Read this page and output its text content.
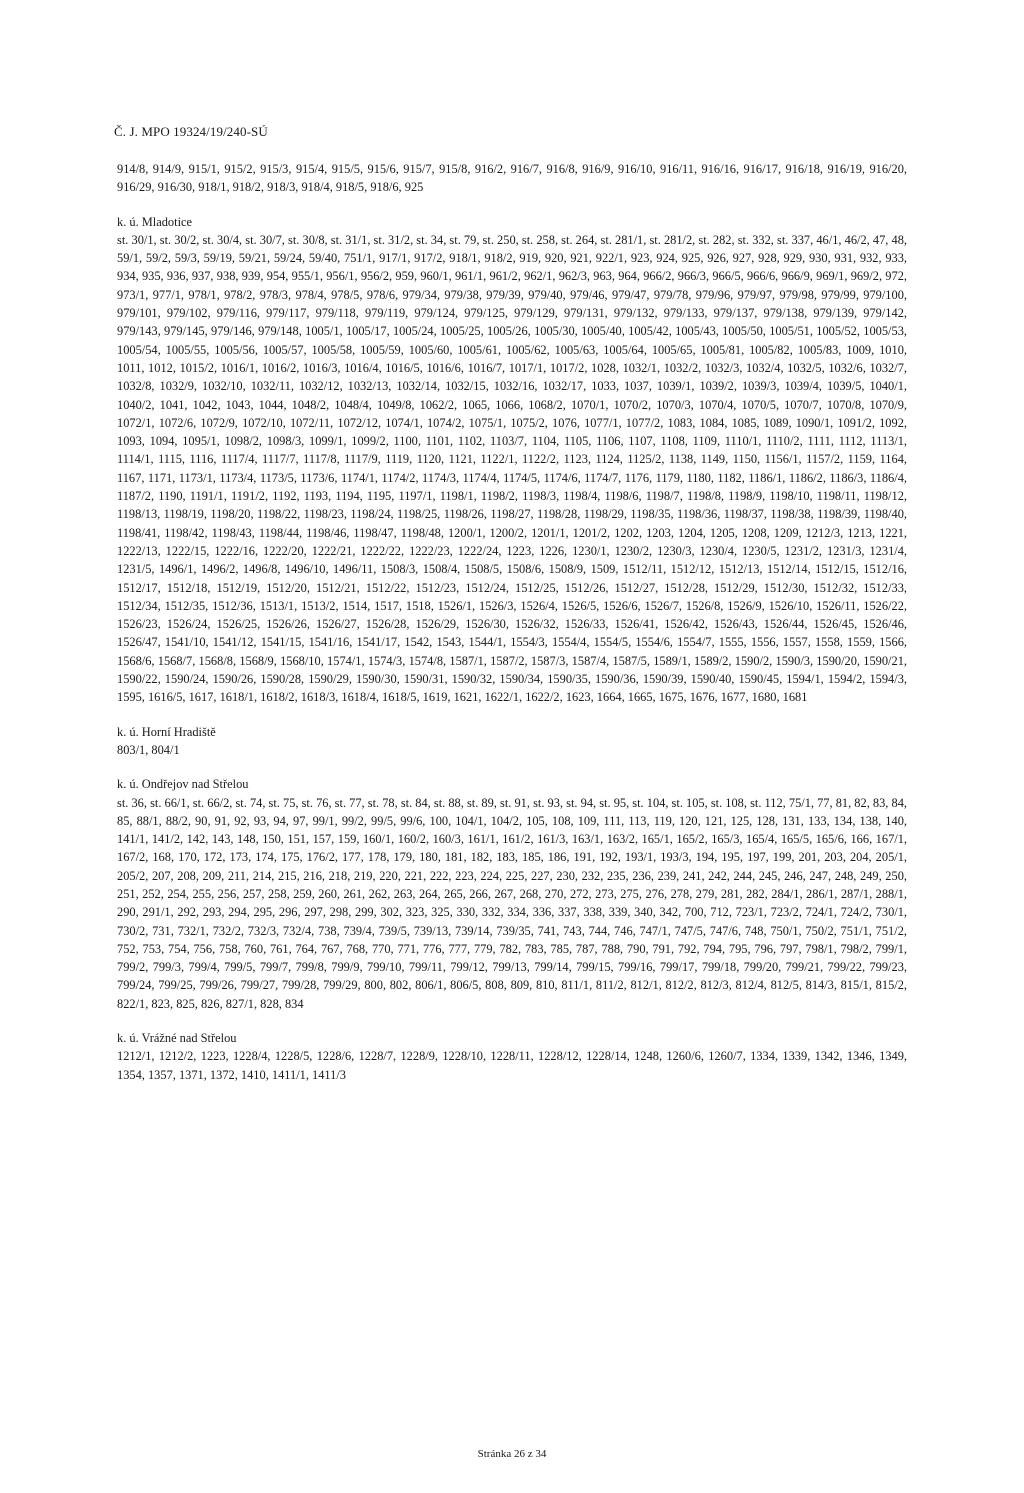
Č. J. MPO 19324/19/240-SÚ

914/8, 914/9, 915/1, 915/2, 915/3, 915/4, 915/5, 915/6, 915/7, 915/8, 916/2, 916/7, 916/8, 916/9, 916/10, 916/11, 916/16, 916/17, 916/18, 916/19, 916/20, 916/29, 916/30, 918/1, 918/2, 918/3, 918/4, 918/5, 918/6, 925

k. ú. Mladotice

st. 30/1, st. 30/2, st. 30/4, st. 30/7, st. 30/8, st. 31/1, st. 31/2, st. 34, st. 79, st. 250, st. 258, st. 264, st. 281/1, st. 281/2, st. 282, st. 332, st. 337, 46/1, 46/2, 47, 48, 59/1, 59/2, 59/3, 59/19, 59/21, 59/24, 59/40, 751/1, 917/1, 917/2, 918/1, 918/2, 919, 920, 921, 922/1, 923, 924, 925, 926, 927, 928, 929, 930, 931, 932, 933, 934, 935, 936, 937, 938, 939, 954, 955/1, 956/1, 956/2, 959, 960/1, 961/1, 961/2, 962/1, 962/3, 963, 964, 966/2, 966/3, 966/5, 966/6, 966/9, 969/1, 969/2, 972, 973/1, 977/1, 978/1, 978/2, 978/3, 978/4, 978/5, 978/6, 979/34, 979/38, 979/39, 979/40, 979/46, 979/47, 979/78, 979/96, 979/97, 979/98, 979/99, 979/100, 979/101, 979/102, 979/116, 979/117, 979/118, 979/119, 979/124, 979/125, 979/129, 979/131, 979/132, 979/133, 979/137, 979/138, 979/139, 979/142, 979/143, 979/145, 979/146, 979/148, 1005/1, 1005/17, 1005/24, 1005/25, 1005/26, 1005/30, 1005/40, 1005/42, 1005/43, 1005/50, 1005/51, 1005/52, 1005/53, 1005/54, 1005/55, 1005/56, 1005/57, 1005/58, 1005/59, 1005/60, 1005/61, 1005/62, 1005/63, 1005/64, 1005/65, 1005/81, 1005/82, 1005/83, 1009, 1010, 1011, 1012, 1015/2, 1016/1, 1016/2, 1016/3, 1016/4, 1016/5, 1016/6, 1016/7, 1017/1, 1017/2, 1028, 1032/1, 1032/2, 1032/3, 1032/4, 1032/5, 1032/6, 1032/7, 1032/8, 1032/9, 1032/10, 1032/11, 1032/12, 1032/13, 1032/14, 1032/15, 1032/16, 1032/17, 1033, 1037, 1039/1, 1039/2, 1039/3, 1039/4, 1039/5, 1040/1, 1040/2, 1041, 1042, 1043, 1044, 1048/2, 1048/4, 1049/8, 1062/2, 1065, 1066, 1068/2, 1070/1, 1070/2, 1070/3, 1070/4, 1070/5, 1070/7, 1070/8, 1070/9, 1072/1, 1072/6, 1072/9, 1072/10, 1072/11, 1072/12, 1074/1, 1074/2, 1075/1, 1075/2, 1076, 1077/1, 1077/2, 1083, 1084, 1085, 1089, 1090/1, 1091/2, 1092, 1093, 1094, 1095/1, 1098/2, 1098/3, 1099/1, 1099/2, 1100, 1101, 1102, 1103/7, 1104, 1105, 1106, 1107, 1108, 1109, 1110/1, 1110/2, 1111, 1112, 1113/1, 1114/1, 1115, 1116, 1117/4, 1117/7, 1117/8, 1117/9, 1119, 1120, 1121, 1122/1, 1122/2, 1123, 1124, 1125/2, 1138, 1149, 1150, 1156/1, 1157/2, 1159, 1164, 1167, 1171, 1173/1, 1173/4, 1173/5, 1173/6, 1174/1, 1174/2, 1174/3, 1174/4, 1174/5, 1174/6, 1174/7, 1176, 1179, 1180, 1182, 1186/1, 1186/2, 1186/3, 1186/4, 1187/2, 1190, 1191/1, 1191/2, 1192, 1193, 1194, 1195, 1197/1, 1198/1, 1198/2, 1198/3, 1198/4, 1198/6, 1198/7, 1198/8, 1198/9, 1198/10, 1198/11, 1198/12, 1198/13, 1198/19, 1198/20, 1198/22, 1198/23, 1198/24, 1198/25, 1198/26, 1198/27, 1198/28, 1198/29, 1198/35, 1198/36, 1198/37, 1198/38, 1198/39, 1198/40, 1198/41, 1198/42, 1198/43, 1198/44, 1198/46, 1198/47, 1198/48, 1200/1, 1200/2, 1201/1, 1201/2, 1202, 1203, 1204, 1205, 1208, 1209, 1212/3, 1213, 1221, 1222/13, 1222/15, 1222/16, 1222/20, 1222/21, 1222/22, 1222/23, 1222/24, 1223, 1226, 1230/1, 1230/2, 1230/3, 1230/4, 1230/5, 1231/2, 1231/3, 1231/4, 1231/5, 1496/1, 1496/2, 1496/8, 1496/10, 1496/11, 1508/3, 1508/4, 1508/5, 1508/6, 1508/9, 1509, 1512/11, 1512/12, 1512/13, 1512/14, 1512/15, 1512/16, 1512/17, 1512/18, 1512/19, 1512/20, 1512/21, 1512/22, 1512/23, 1512/24, 1512/25, 1512/26, 1512/27, 1512/28, 1512/29, 1512/30, 1512/32, 1512/33, 1512/34, 1512/35, 1512/36, 1513/1, 1513/2, 1514, 1517, 1518, 1526/1, 1526/3, 1526/4, 1526/5, 1526/6, 1526/7, 1526/8, 1526/9, 1526/10, 1526/11, 1526/22, 1526/23, 1526/24, 1526/25, 1526/26, 1526/27, 1526/28, 1526/29, 1526/30, 1526/32, 1526/33, 1526/41, 1526/42, 1526/43, 1526/44, 1526/45, 1526/46, 1526/47, 1541/10, 1541/12, 1541/15, 1541/16, 1541/17, 1542, 1543, 1544/1, 1554/3, 1554/4, 1554/5, 1554/6, 1554/7, 1555, 1556, 1557, 1558, 1559, 1566, 1568/6, 1568/7, 1568/8, 1568/9, 1568/10, 1574/1, 1574/3, 1574/8, 1587/1, 1587/2, 1587/3, 1587/4, 1587/5, 1589/1, 1589/2, 1590/2, 1590/3, 1590/20, 1590/21, 1590/22, 1590/24, 1590/26, 1590/28, 1590/29, 1590/30, 1590/31, 1590/32, 1590/34, 1590/35, 1590/36, 1590/39, 1590/40, 1590/45, 1594/1, 1594/2, 1594/3, 1595, 1616/5, 1617, 1618/1, 1618/2, 1618/3, 1618/4, 1618/5, 1619, 1621, 1622/1, 1622/2, 1623, 1664, 1665, 1675, 1676, 1677, 1680, 1681

k. ú. Horní Hradiště

803/1, 804/1

k. ú. Ondřejov nad Střelou

st. 36, st. 66/1, st. 66/2, st. 74, st. 75, st. 76, st. 77, st. 78, st. 84, st. 88, st. 89, st. 91, st. 93, st. 94, st. 95, st. 104, st. 105, st. 108, st. 112, 75/1, 77, 81, 82, 83, 84, 85, 88/1, 88/2, 90, 91, 92, 93, 94, 97, 99/1, 99/2, 99/5, 99/6, 100, 104/1, 104/2, 105, 108, 109, 111, 113, 119, 120, 121, 125, 128, 131, 133, 134, 138, 140, 141/1, 141/2, 142, 143, 148, 150, 151, 157, 159, 160/1, 160/2, 160/3, 161/1, 161/2, 161/3, 163/1, 163/2, 165/1, 165/2, 165/3, 165/4, 165/5, 165/6, 166, 167/1, 167/2, 168, 170, 172, 173, 174, 175, 176/2, 177, 178, 179, 180, 181, 182, 183, 185, 186, 191, 192, 193/1, 193/3, 194, 195, 197, 199, 201, 203, 204, 205/1, 205/2, 207, 208, 209, 211, 214, 215, 216, 218, 219, 220, 221, 222, 223, 224, 225, 227, 230, 232, 235, 236, 239, 241, 242, 244, 245, 246, 247, 248, 249, 250, 251, 252, 254, 255, 256, 257, 258, 259, 260, 261, 262, 263, 264, 265, 266, 267, 268, 270, 272, 273, 275, 276, 278, 279, 281, 282, 284/1, 286/1, 287/1, 288/1, 290, 291/1, 292, 293, 294, 295, 296, 297, 298, 299, 302, 323, 325, 330, 332, 334, 336, 337, 338, 339, 340, 342, 700, 712, 723/1, 723/2, 724/1, 724/2, 730/1, 730/2, 731, 732/1, 732/2, 732/3, 732/4, 738, 739/4, 739/5, 739/13, 739/14, 739/35, 741, 743, 744, 746, 747/1, 747/5, 747/6, 748, 750/1, 750/2, 751/1, 751/2, 752, 753, 754, 756, 758, 760, 761, 764, 767, 768, 770, 771, 776, 777, 779, 782, 783, 785, 787, 788, 790, 791, 792, 794, 795, 796, 797, 798/1, 798/2, 799/1, 799/2, 799/3, 799/4, 799/5, 799/7, 799/8, 799/9, 799/10, 799/11, 799/12, 799/13, 799/14, 799/15, 799/16, 799/17, 799/18, 799/20, 799/21, 799/22, 799/23, 799/24, 799/25, 799/26, 799/27, 799/28, 799/29, 800, 802, 806/1, 806/5, 808, 809, 810, 811/1, 811/2, 812/1, 812/2, 812/3, 812/4, 812/5, 814/3, 815/1, 815/2, 822/1, 823, 825, 826, 827/1, 828, 834

k. ú. Vrážné nad Střelou

1212/1, 1212/2, 1223, 1228/4, 1228/5, 1228/6, 1228/7, 1228/9, 1228/10, 1228/11, 1228/12, 1228/14, 1248, 1260/6, 1260/7, 1334, 1339, 1342, 1346, 1349, 1354, 1357, 1371, 1372, 1410, 1411/1, 1411/3

Stránka 26 z 34
